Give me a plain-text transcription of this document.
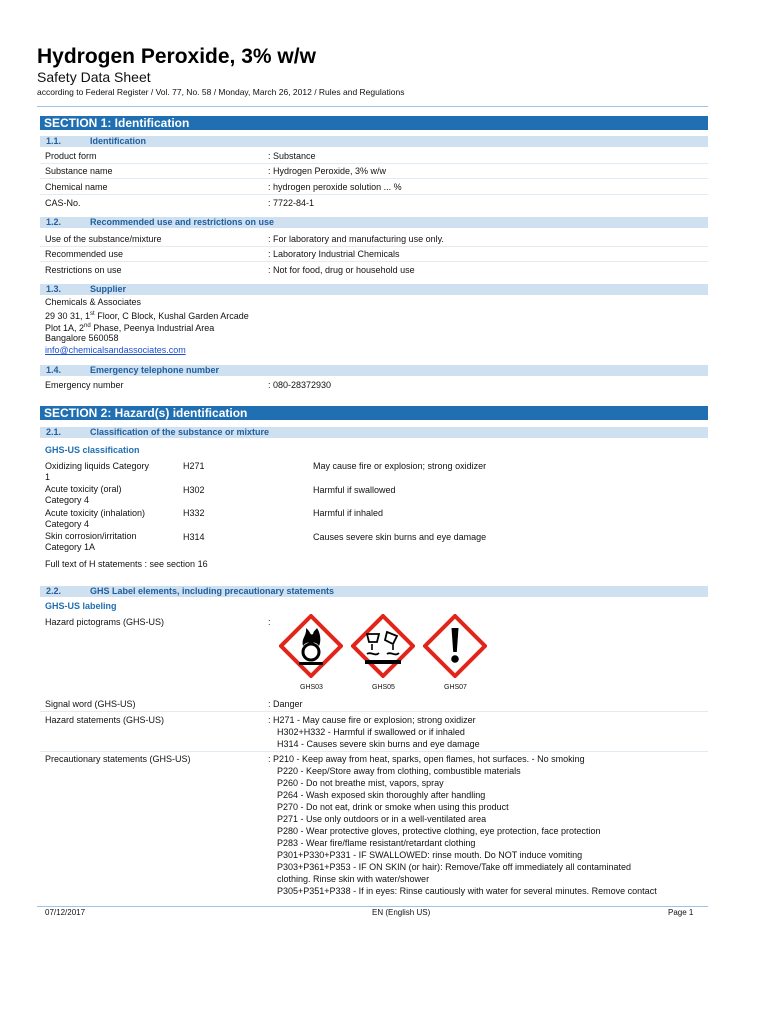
Hydrogen Peroxide, 3% w/w
Safety Data Sheet
according to Federal Register / Vol. 77, No. 58 / Monday, March 26, 2012 / Rules and Regulations
SECTION 1: Identification
1.1.	Identification
Product form	: Substance
Substance name	: Hydrogen Peroxide, 3% w/w
Chemical name	: hydrogen peroxide solution ... %
CAS-No.	: 7722-84-1
1.2.	Recommended use and restrictions on use
Use of the substance/mixture	: For laboratory and manufacturing use only.
Recommended use	: Laboratory Industrial Chemicals
Restrictions on use	: Not for food, drug or household use
1.3.	Supplier
Chemicals & Associates
29 30 31, 1st Floor, C Block, Kushal Garden Arcade
Plot 1A, 2nd Phase, Peenya Industrial Area
Bangalore 560058
info@chemicalsandassociates.com
1.4.	Emergency telephone number
Emergency number	: 080-28372930
SECTION 2: Hazard(s) identification
2.1.	Classification of the substance or mixture
GHS-US classification
Oxidizing liquids Category
1
H271	May cause fire or explosion; strong oxidizer
Acute toxicity (oral)
Category 4
H302	Harmful if swallowed
Acute toxicity (inhalation)
Category 4
H332	Harmful if inhaled
Skin corrosion/irritation
Category 1A
H314	Causes severe skin burns and eye damage
Full text of H statements : see section 16
2.2.	GHS Label elements, including precautionary statements
GHS-US labeling
Hazard pictograms (GHS-US)	:
GHS03	GHS05	GHS07
Signal word (GHS-US)	: Danger
Hazard statements (GHS-US)	: H271 - May cause fire or explosion; strong oxidizer
H302+H332 - Harmful if swallowed or if inhaled
H314 - Causes severe skin burns and eye damage
Precautionary statements (GHS-US)	: P210 - Keep away from heat, sparks, open flames, hot surfaces. - No smoking
P220 - Keep/Store away from clothing, combustible materials
P260 - Do not breathe mist, vapors, spray
P264 - Wash exposed skin thoroughly after handling
P270 - Do not eat, drink or smoke when using this product
P271 - Use only outdoors or in a well-ventilated area
P280 - Wear protective gloves, protective clothing, eye protection, face protection
P283 - Wear fire/flame resistant/retardant clothing
P301+P330+P331 - IF SWALLOWED: rinse mouth. Do NOT induce vomiting
P303+P361+P353 - IF ON SKIN (or hair): Remove/Take off immediately all contaminated
clothing. Rinse skin with water/shower
P305+P351+P338 - If in eyes: Rinse cautiously with water for several minutes. Remove contact
07/12/2017	EN (English US)	Page 1
